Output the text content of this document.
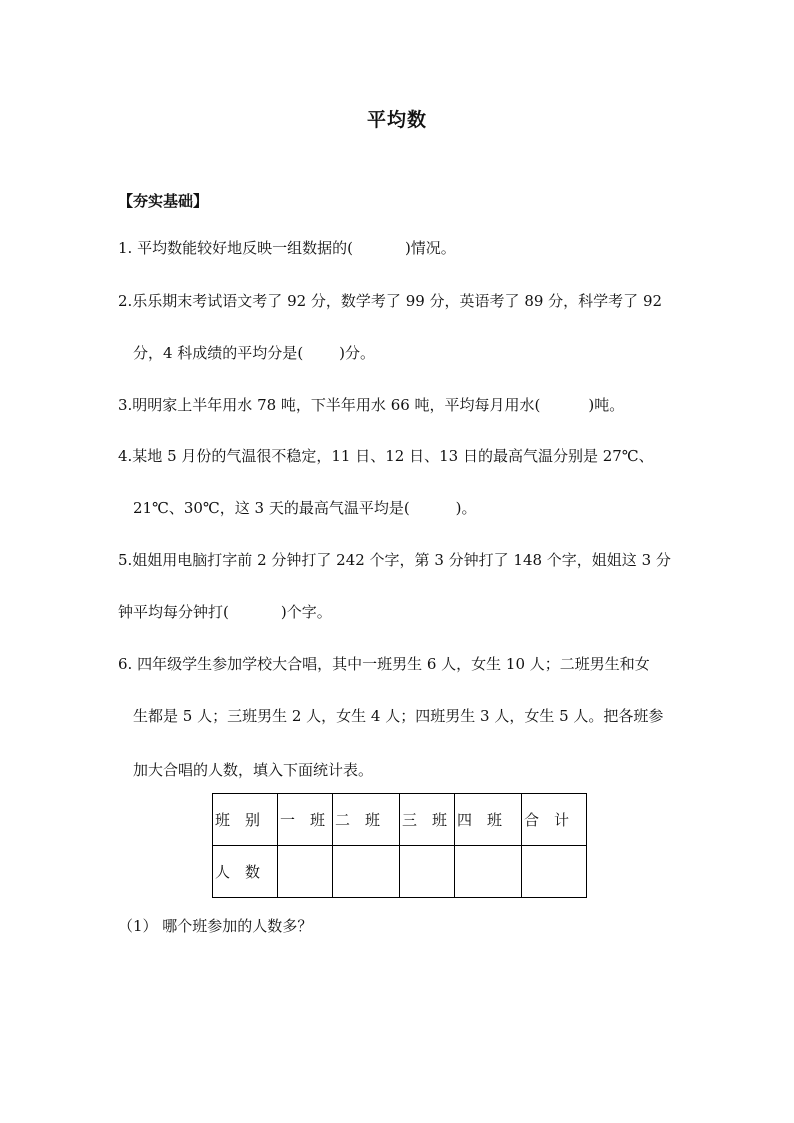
平均数
【夯实基础】
1. 平均数能较好地反映一组数据的(	)情况。
2.乐乐期末考试语文考了 92 分，数学考了 99 分，英语考了 89 分，科学考了 92
分，4 科成绩的平均分是( )分。
3.明明家上半年用水 78 吨，下半年用水 66 吨，平均每月用水(	)吨。
4.某地 5 月份的气温很不稳定，11 日、12 日、13 日的最高气温分别是 27℃、
21℃、30℃，这 3 天的最高气温平均是(	)。
5.姐姐用电脑打字前 2 分钟打了 242 个字，第 3 分钟打了 148 个字，姐姐这 3 分
钟平均每分钟打(	)个字。
6. 四年级学生参加学校大合唱，其中一班男生 6 人，女生 10 人；二班男生和女
生都是 5 人；三班男生 2 人，女生 4 人；四班男生 3 人，女生 5 人。把各班参
加大合唱的人数，填入下面统计表。
班　别	一　班	二　班	三　班	四　班	合　计
人　数					
（1） 哪个班参加的人数多？
